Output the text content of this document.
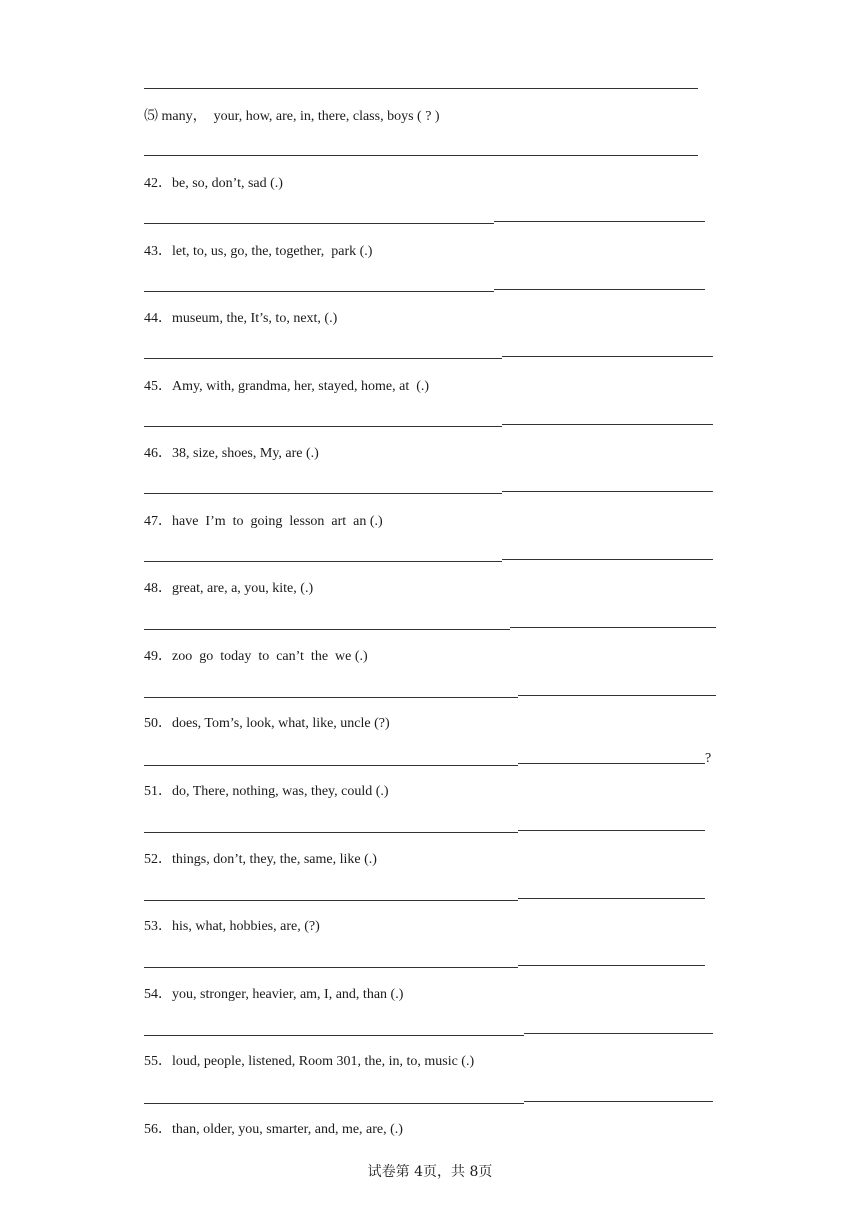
⑸ many，  your, how, are, in, there, class, boys ( ? )
42．be, so, don’t, sad (.)
43．let, to, us, go, the, together,  park (.)
44．museum, the, It’s, to, next, (.)
45．Amy, with, grandma, her, stayed, home, at  (.)
46．38, size, shoes, My, are (.)
47．have  I’m  to  going  lesson  art  an (.)
48．great, are, a, you, kite, (.)
49．zoo  go  today  to  can’t  the  we (.)
50．does, Tom’s, look, what, like, uncle (?)
?
51．do, There, nothing, was, they, could (.)
52．things, don’t, they, the, same, like (.)
53．his, what, hobbies, are, (?)
54．you, stronger, heavier, am, I, and, than (.)
55．loud, people, listened, Room 301, the, in, to, music (.)
56．than, older, you, smarter, and, me, are, (.)
试卷第 4页，共 8页
